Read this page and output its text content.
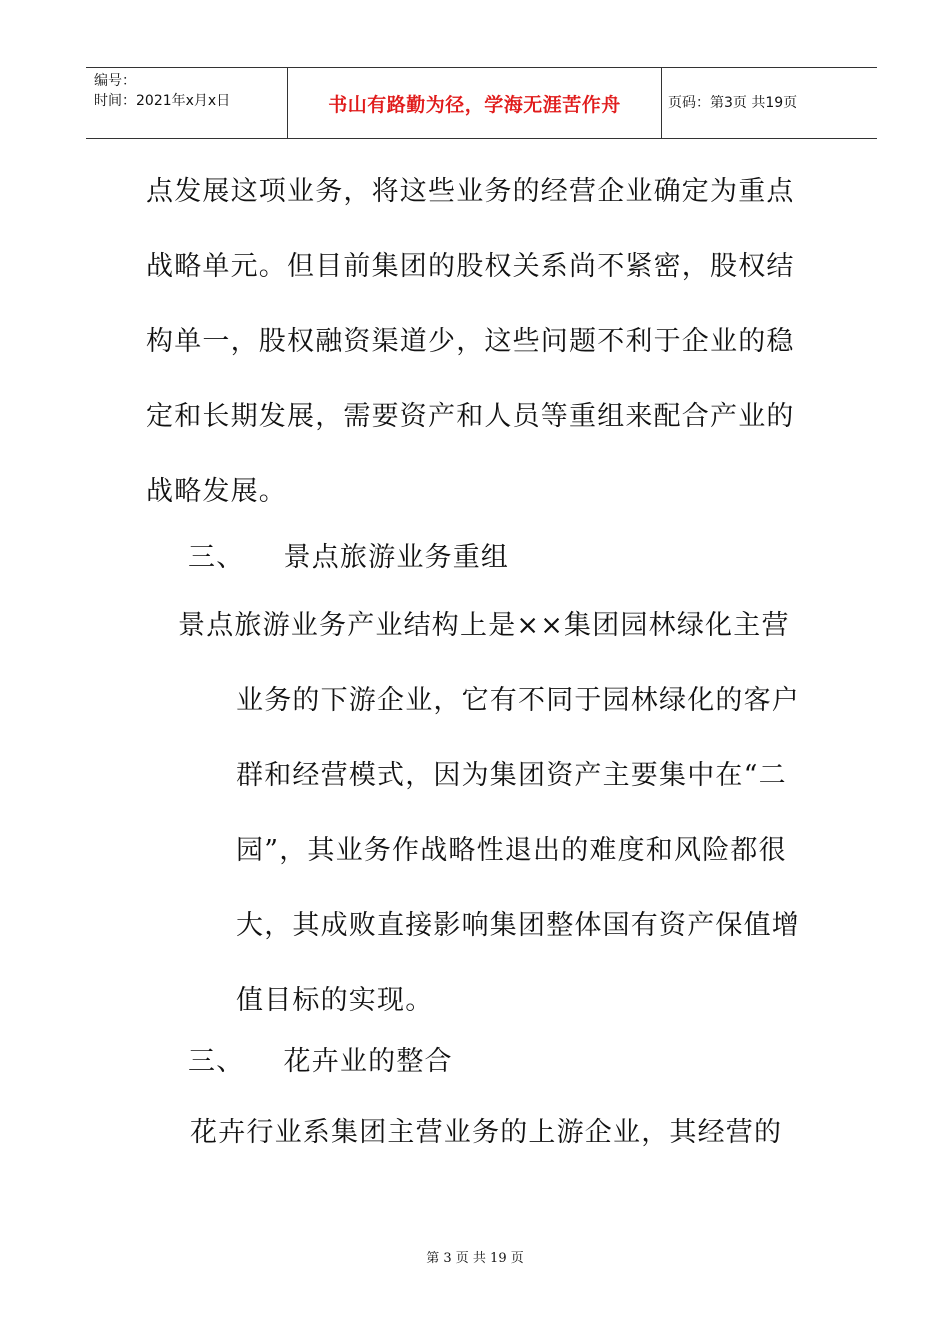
编号：
时间：2021年x月x日	书山有路勤为径，学海无涯苦作舟	页码：第3页 共19页
点发展这项业务，将这些业务的经营企业确定为重点
战略单元。但目前集团的股权关系尚不紧密，股权结
构单一，股权融资渠道少，这些问题不利于企业的稳
定和长期发展，需要资产和人员等重组来配合产业的
战略发展。
三、    景点旅游业务重组
景点旅游业务产业结构上是××集团园林绿化主营
业务的下游企业，它有不同于园林绿化的客户
群和经营模式，因为集团资产主要集中在“二
园”，其业务作战略性退出的难度和风险都很
大，其成败直接影响集团整体国有资产保值增
值目标的实现。
三、    花卉业的整合
花卉行业系集团主营业务的上游企业，其经营的
第 3 页 共 19 页
